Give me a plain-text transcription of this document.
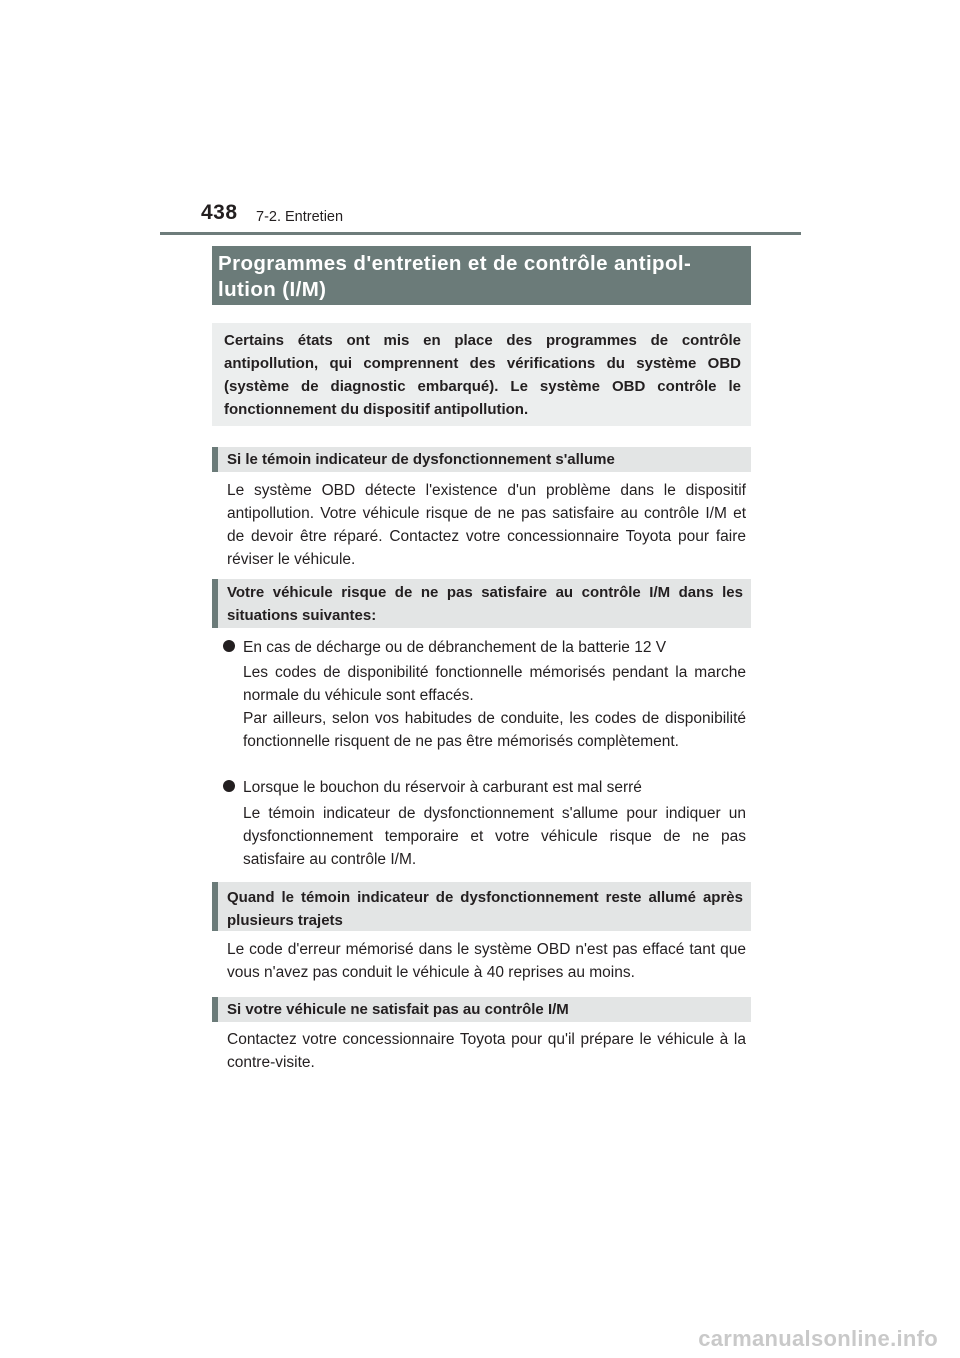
438 7-2. Entretien
Programmes d'entretien et de contrôle antipol-
lution (I/M)
Certains états ont mis en place des programmes de contrôle antipollution, qui comprennent des vérifications du système OBD (système de diagnostic embarqué). Le système OBD contrôle le fonctionnement du dispositif antipollution.
Si le témoin indicateur de dysfonctionnement s'allume

Le système OBD détecte l'existence d'un problème dans le dispositif antipollution. Votre véhicule risque de ne pas satisfaire au contrôle I/M et de devoir être réparé. Contactez votre concessionnaire Toyota pour faire réviser le véhicule.

Votre véhicule risque de ne pas satisfaire au contrôle I/M dans les situations suivantes:
En cas de décharge ou de débranchement de la batterie 12 V

Les codes de disponibilité fonctionnelle mémorisés pendant la marche normale du véhicule sont effacés.

Par ailleurs, selon vos habitudes de conduite, les codes de disponibilité fonctionnelle risquent de ne pas être mémorisés complètement.

Lorsque le bouchon du réservoir à carburant est mal serré

Le témoin indicateur de dysfonctionnement s'allume pour indiquer un dysfonctionnement temporaire et votre véhicule risque de ne pas satisfaire au contrôle I/M.

Quand le témoin indicateur de dysfonctionnement reste allumé après plusieurs trajets

Le code d'erreur mémorisé dans le système OBD n'est pas effacé tant que vous n'avez pas conduit le véhicule à 40 reprises au moins.

Si votre véhicule ne satisfait pas au contrôle I/M

Contactez votre concessionnaire Toyota pour qu'il prépare le véhicule à la contre-visite.

carmanualsonline.info
